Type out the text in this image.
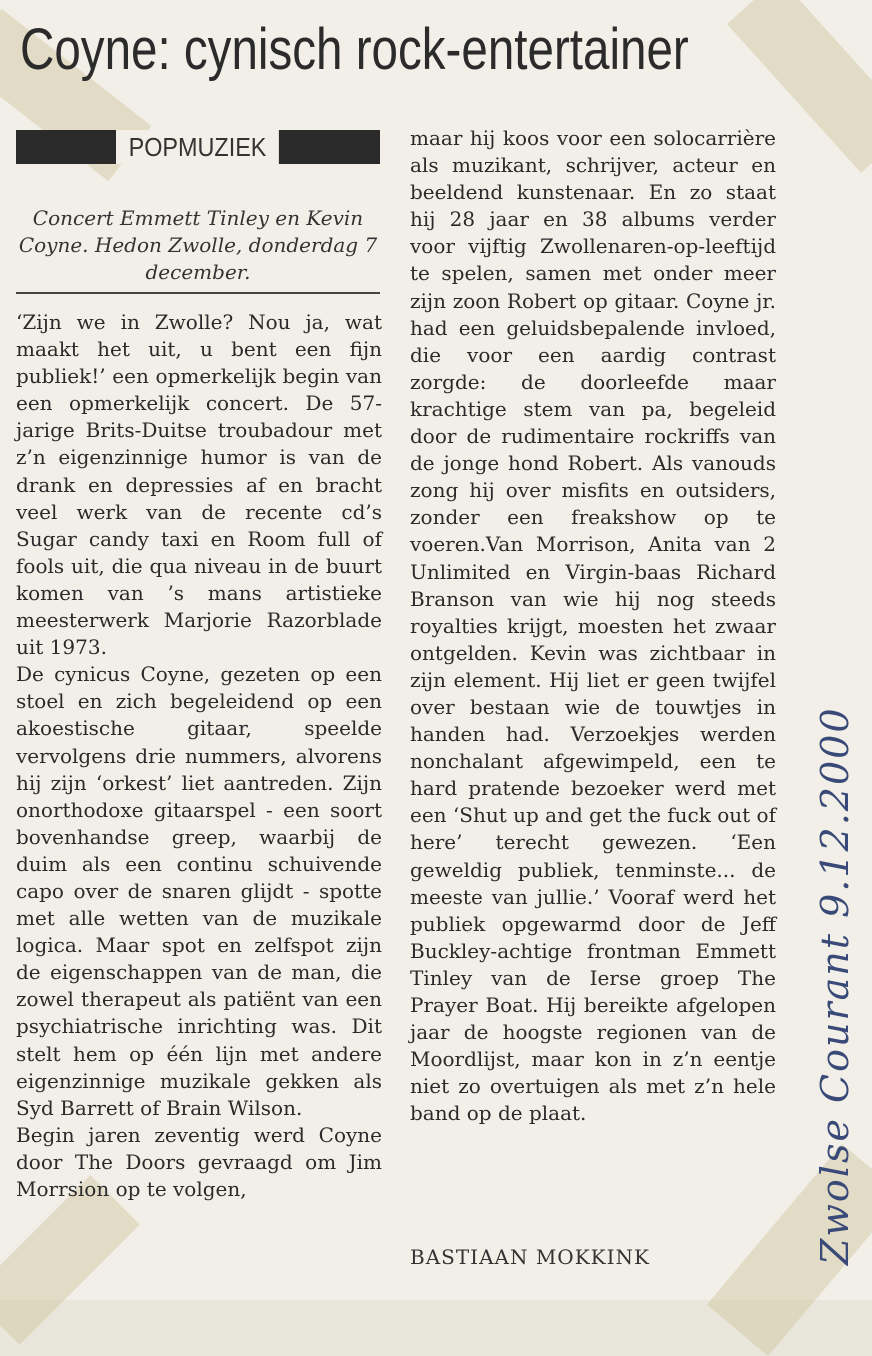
Coyne: cynisch rock-entertainer
POPMUZIEK
Concert Emmett Tinley en Kevin Coyne. Hedon Zwolle, donderdag 7 december.

‘Zijn we in Zwolle? Nou ja, wat maakt het uit, u bent een fijn publiek!’ een opmerkelijk begin van een opmerkelijk concert. De 57-jarige Brits-Duitse troubadour met z’n eigenzinnige humor is van de drank en depressies af en bracht veel werk van de recente cd’s Sugar candy taxi en Room full of fools uit, die qua niveau in de buurt komen van ’s mans artistieke meesterwerk Marjorie Razorblade uit 1973.

De cynicus Coyne, gezeten op een stoel en zich begeleidend op een akoestische gitaar, speelde vervolgens drie nummers, alvorens hij zijn ‘orkest’ liet aantreden. Zijn onorthodoxe gitaarspel - een soort bovenhandse greep, waarbij de duim als een continu schuivende capo over de snaren glijdt - spotte met alle wetten van de muzikale logica. Maar spot en zelfspot zijn de eigenschappen van de man, die zowel therapeut als patiënt van een psychiatrische inrichting was. Dit stelt hem op één lijn met andere eigenzinnige muzikale gekken als Syd Barrett of Brain Wilson.

Begin jaren zeventig werd Coyne door The Doors gevraagd om Jim Morrsion op te volgen,

maar hij koos voor een solocarrière als muzikant, schrijver, acteur en beeldend kunstenaar. En zo staat hij 28 jaar en 38 albums verder voor vijftig Zwollenaren-op-leeftijd te spelen, samen met onder meer zijn zoon Robert op gitaar. Coyne jr. had een geluidsbepalende invloed, die voor een aardig contrast zorgde: de doorleefde maar krachtige stem van pa, begeleid door de rudimentaire rockriffs van de jonge hond Robert. Als vanouds zong hij over misfits en outsiders, zonder een freakshow op te voeren.Van Morrison, Anita van 2 Unlimited en Virgin-baas Richard Branson van wie hij nog steeds royalties krijgt, moesten het zwaar ontgelden. Kevin was zichtbaar in zijn element. Hij liet er geen twijfel over bestaan wie de touwtjes in handen had. Verzoekjes werden nonchalant afgewimpeld, een te hard pratende bezoeker werd met een ‘Shut up and get the fuck out of here’ terecht gewezen. ‘Een geweldig publiek, tenminste... de meeste van jullie.’ Vooraf werd het publiek opgewarmd door de Jeff Buckley-achtige frontman Emmett Tinley van de Ierse groep The Prayer Boat. Hij bereikte afgelopen jaar de hoogste regionen van de Moordlijst, maar kon in z’n eentje niet zo overtuigen als met z’n hele band op de plaat.

BASTIAAN MOKKINK	Zwolse Courant 9.12.2000
